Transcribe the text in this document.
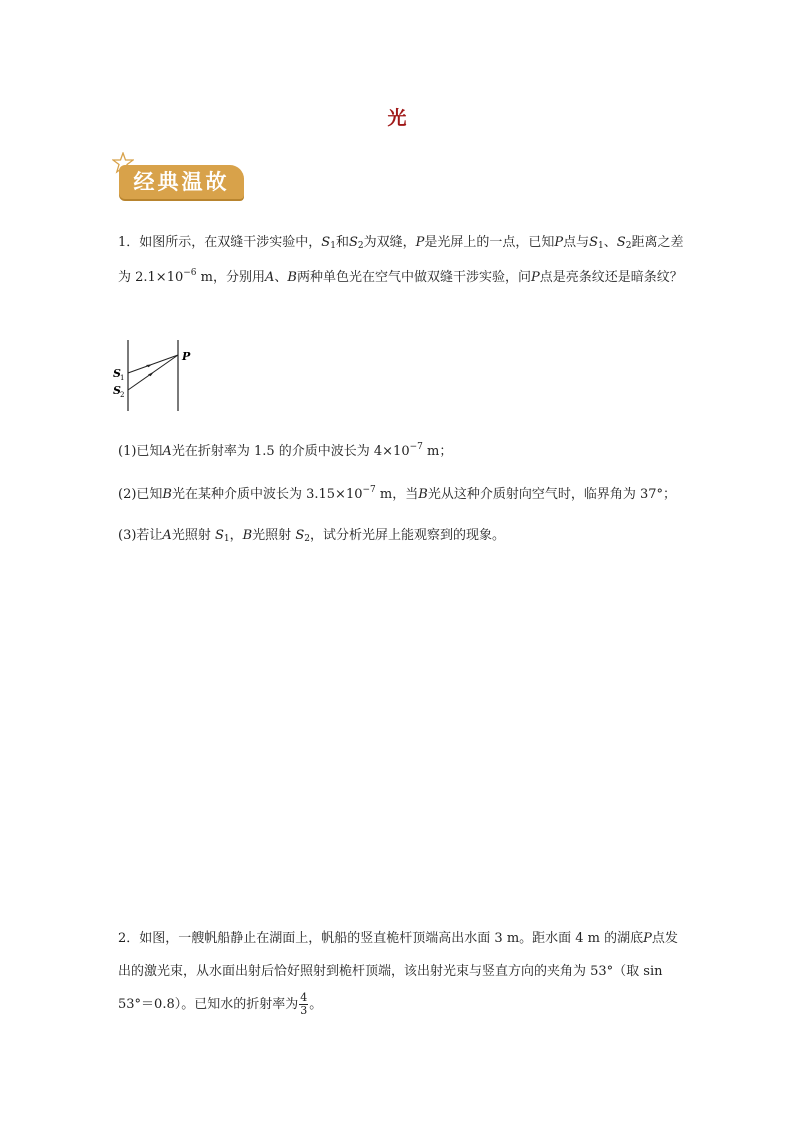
光
经典温故
1．如图所示，在双缝干涉实验中，$S_1$和$S_2$为双缝，P是光屏上的一点，已知P点与$S_1$、$S_2$距离之差为 $2.1\times 10^{-6}$ m，分别用A、B两种单色光在空气中做双缝干涉实验，问P点是亮条纹还是暗条纹？
P
S 1
S 2
(1)已知A光在折射率为 1.5 的介质中波长为 $4\times 10^{-7}$ m；
(2)已知B光在某种介质中波长为 $3.15\times 10^{-7}$ m，当B光从这种介质射向空气时，临界角为 37°；
(3)若让A光照射 $S_1$，B光照射 $S_2$，试分析光屏上能观察到的现象。
2．如图，一艘帆船静止在湖面上，帆船的竖直桅杆顶端高出水面 3 m。距水面 4 m 的湖底P点发出的激光束，从水面出射后恰好照射到桅杆顶端，该出射光束与竖直方向的夹角为 53°（取 sin 53°＝0.8）。已知水的折射率为 $\frac{4}{3}$ 。
